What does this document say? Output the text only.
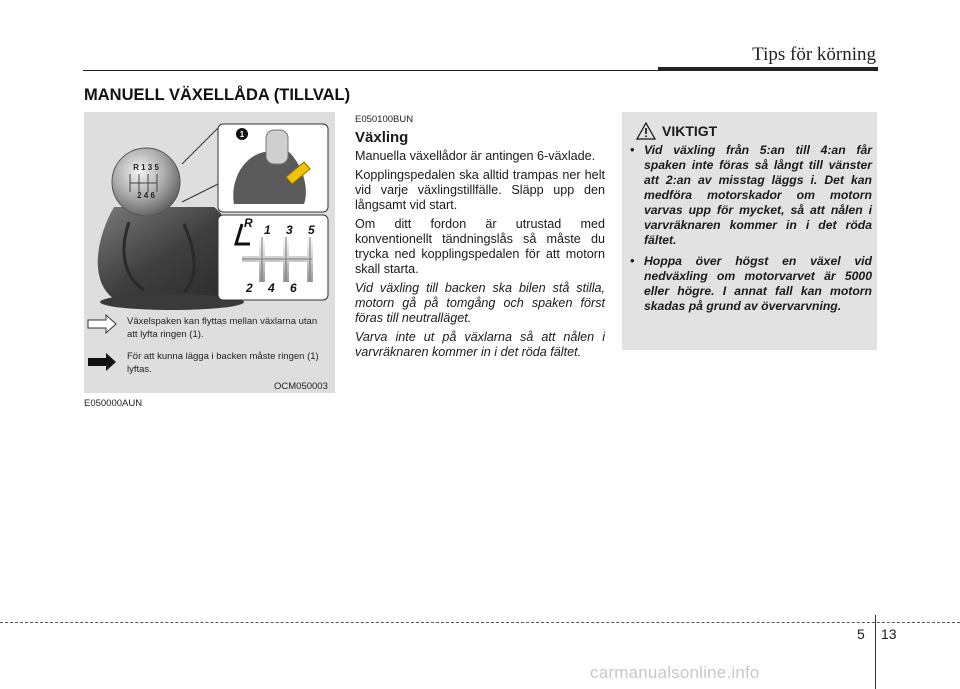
Tips för körning
MANUELL VÄXELLÅDA (TILLVAL)
R 1 3 5
2 4 6
1
R 1 3 5
2 4 6
Växelspaken kan flyttas mellan växlarna utan att lyfta ringen (1).
För att kunna lägga i backen måste ringen (1) lyftas.
OCM050003
E050000AUN
E050100BUN
Växling

Manuella växellådor är antingen 6-växlade.

Kopplingspedalen ska alltid trampas ner helt vid varje växlingstillfälle. Släpp upp den långsamt vid start.

Om ditt fordon är utrustad med konventionellt tändningslås så måste du trycka ned kopplingspedalen för att motorn skall starta.

Vid växling till backen ska bilen stå stilla, motorn gå på tomgång och spaken först föras till neutralläget.

Varva inte ut på växlarna så att nålen i varvräknaren kommer in i det röda fältet.

VIKTIGT
• Vid växling från 5:an till 4:an får spaken inte föras så långt till vänster att 2:an av misstag läggs i. Det kan medföra motorskador om motorn varvas upp för mycket, så att nålen i varvräknaren kommer in i det röda fältet.
• Hoppa över högst en växel vid nedväxling om motorvarvet är 5000 eller högre. I annat fall kan motorn skadas på grund av övervarvning.
5 13
carmanualsonline.info
